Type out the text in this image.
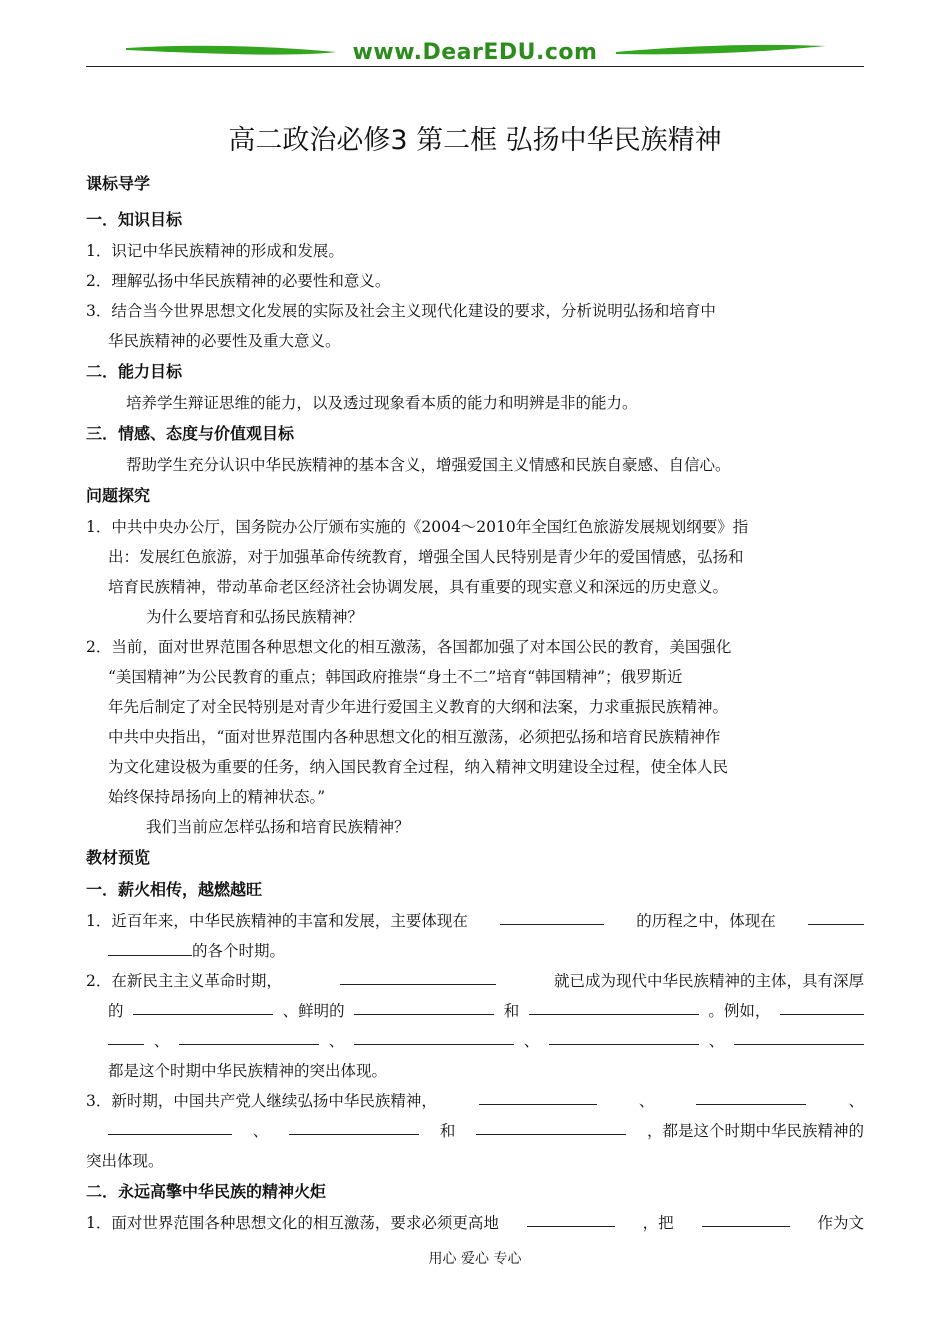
www.DearEDU.com
高二政治必修3 第二框 弘扬中华民族精神
课标导学
一．知识目标
1．识记中华民族精神的形成和发展。
2．理解弘扬中华民族精神的必要性和意义。
3．结合当今世界思想文化发展的实际及社会主义现代化建设的要求，分析说明弘扬和培育中
华民族精神的必要性及重大意义。
二．能力目标
培养学生辩证思维的能力，以及透过现象看本质的能力和明辨是非的能力。
三．情感、态度与价值观目标
帮助学生充分认识中华民族精神的基本含义，增强爱国主义情感和民族自豪感、自信心。
问题探究
1．中共中央办公厅，国务院办公厅颁布实施的《2004～2010年全国红色旅游发展规划纲要》指
出：发展红色旅游，对于加强革命传统教育，增强全国人民特别是青少年的爱国情感，弘扬和
培育民族精神，带动革命老区经济社会协调发展，具有重要的现实意义和深远的历史意义。
为什么要培育和弘扬民族精神？
2．当前，面对世界范围各种思想文化的相互激荡，各国都加强了对本国公民的教育，美国强化
“美国精神”为公民教育的重点；韩国政府推崇“身土不二”培育“韩国精神”；俄罗斯近
年先后制定了对全民特别是对青少年进行爱国主义教育的大纲和法案，力求重振民族精神。
中共中央指出，“面对世界范围内各种思想文化的相互激荡，必须把弘扬和培育民族精神作
为文化建设极为重要的任务，纳入国民教育全过程，纳入精神文明建设全过程，使全体人民
始终保持昂扬向上的精神状态。”
我们当前应怎样弘扬和培育民族精神？
教材预览
一．薪火相传，越燃越旺
1．近百年来，中华民族精神的丰富和发展，主要体现在	的历程之中，体现在
的各个时期。
2．在新民主主义革命时期，	就已成为现代中华民族精神的主体，具有深厚
的	、鲜明的	和	。例如，
、	、	、	、
都是这个时期中华民族精神的突出体现。
3．新时期，中国共产党人继续弘扬中华民族精神，	、	、
、	和	，都是这个时期中华民族精神的
突出体现。
二．永远高擎中华民族的精神火炬
1．面对世界范围各种思想文化的相互激荡，要求必须更高地	，把	作为文
用心 爱心 专心
